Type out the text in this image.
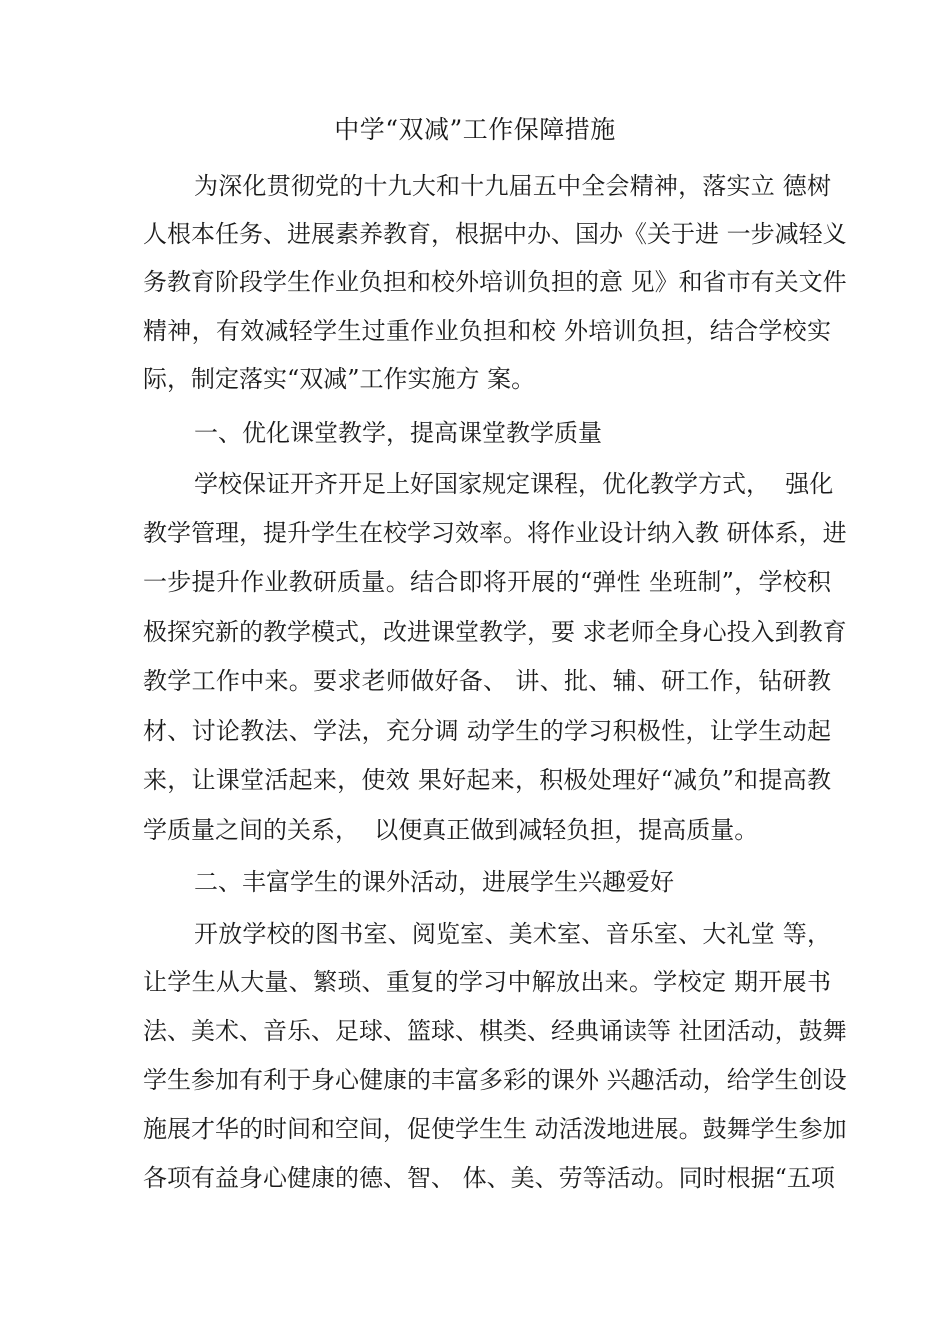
中学“双减”工作保障措施
为深化贯彻党的十九大和十九届五中全会精神，落实立 德树
人根本任务、进展素养教育，根据中办、国办《关于进 一步减轻义
务教育阶段学生作业负担和校外培训负担的意 见》和省市有关文件
精神，有效减轻学生过重作业负担和校 外培训负担，结合学校实
际，制定落实“双减”工作实施方 案。
一、优化课堂教学，提高课堂教学质量
学校保证开齐开足上好国家规定课程，优化教学方式，  强化
教学管理，提升学生在校学习效率。将作业设计纳入教 研体系，进
一步提升作业教研质量。结合即将开展的“弹性 坐班制”，学校积
极探究新的教学模式，改进课堂教学，要 求老师全身心投入到教育
教学工作中来。要求老师做好备、 讲、批、辅、研工作，钻研教
材、讨论教法、学法，充分调 动学生的学习积极性，让学生动起
来，让课堂活起来，使效 果好起来，积极处理好“减负”和提高教
学质量之间的关系，  以便真正做到减轻负担，提高质量。
二、丰富学生的课外活动，进展学生兴趣爱好
开放学校的图书室、阅览室、美术室、音乐室、大礼堂 等，
让学生从大量、繁琐、重复的学习中解放出来。学校定 期开展书
法、美术、音乐、足球、篮球、棋类、经典诵读等 社团活动，鼓舞
学生参加有利于身心健康的丰富多彩的课外 兴趣活动，给学生创设
施展才华的时间和空间，促使学生生 动活泼地进展。鼓舞学生参加
各项有益身心健康的德、智、 体、美、劳等活动。同时根据“五项
